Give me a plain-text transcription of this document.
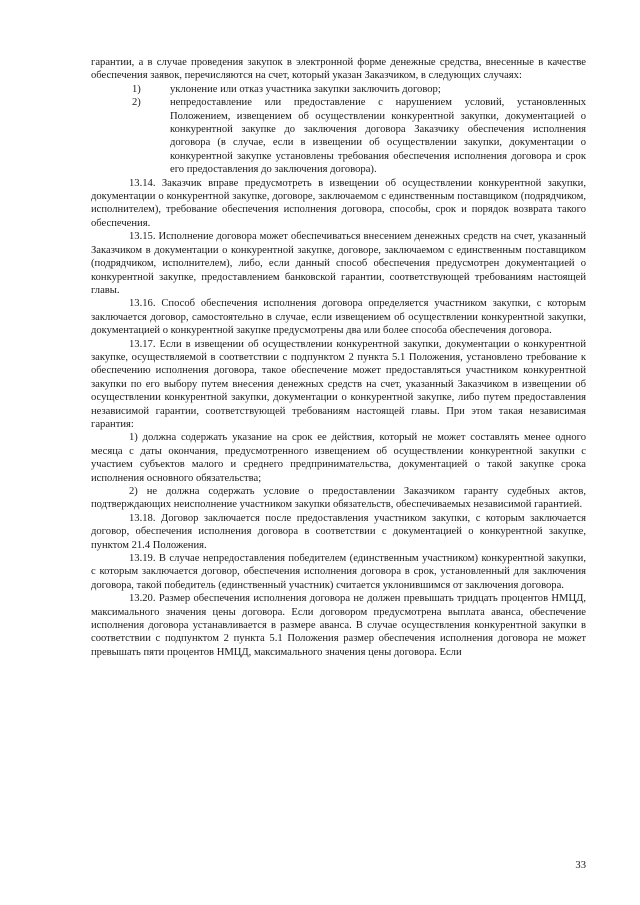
гарантии, а в случае проведения закупок в электронной форме денежные средства, внесенные в качестве обеспечения заявок, перечисляются на счет, который указан Заказчиком, в следующих случаях:

1)	уклонение или отказ участника закупки заключить договор;
2)	непредоставление или предоставление с нарушением условий, установленных Положением, извещением об осуществлении конкурентной закупки, документацией о конкурентной закупке до заключения договора Заказчику обеспечения исполнения договора (в случае, если в извещении об осуществлении закупки, документации о конкурентной закупке установлены требования обеспечения исполнения договора и срок его предоставления до заключения договора).

13.14. Заказчик вправе предусмотреть в извещении об осуществлении конкурентной закупки, документации о конкурентной закупке, договоре, заключаемом с единственным поставщиком (подрядчиком, исполнителем), требование обеспечения исполнения договора, способы, срок и порядок возврата такого обеспечения.

13.15. Исполнение договора может обеспечиваться внесением денежных средств на счет, указанный Заказчиком в документации о конкурентной закупке, договоре, заключаемом с единственным поставщиком (подрядчиком, исполнителем), либо, если данный способ обеспечения предусмотрен документацией о конкурентной закупке, предоставлением банковской гарантии, соответствующей требованиям настоящей главы.

13.16. Способ обеспечения исполнения договора определяется участником закупки, с которым заключается договор, самостоятельно в случае, если извещением об осуществлении конкурентной закупки, документацией о конкурентной закупке предусмотрены два или более способа обеспечения договора.

13.17. Если в извещении об осуществлении конкурентной закупки, документации о конкурентной закупке, осуществляемой в соответствии с подпунктом 2 пункта 5.1 Положения, установлено требование к обеспечению исполнения договора, такое обеспечение может предоставляться участником конкурентной закупки по его выбору путем внесения денежных средств на счет, указанный Заказчиком в извещении об осуществлении конкурентной закупки, документации о конкурентной закупке, либо путем предоставления независимой гарантии, соответствующей требованиям настоящей главы. При этом такая независимая гарантия:

1) должна содержать указание на срок ее действия, который не может составлять менее одного месяца с даты окончания, предусмотренного извещением об осуществлении конкурентной закупки с участием субъектов малого и среднего предпринимательства, документацией о такой закупке срока исполнения основного обязательства;

2) не должна содержать условие о предоставлении Заказчиком гаранту судебных актов, подтверждающих неисполнение участником закупки обязательств, обеспечиваемых независимой гарантией.

13.18. Договор заключается после предоставления участником закупки, с которым заключается договор, обеспечения исполнения договора в соответствии с документацией о конкурентной закупке, пунктом 21.4 Положения.

13.19. В случае непредоставления победителем (единственным участником) конкурентной закупки, с которым заключается договор, обеспечения исполнения договора в срок, установленный для заключения договора, такой победитель (единственный участник) считается уклонившимся от заключения договора.

13.20. Размер обеспечения исполнения договора не должен превышать тридцать процентов НМЦД, максимального значения цены договора. Если договором предусмотрена выплата аванса, обеспечение исполнения договора устанавливается в размере аванса. В случае осуществления конкурентной закупки в соответствии с подпунктом 2 пункта 5.1 Положения размер обеспечения исполнения договора не может превышать пяти процентов НМЦД, максимального значения цены договора. Если

33
